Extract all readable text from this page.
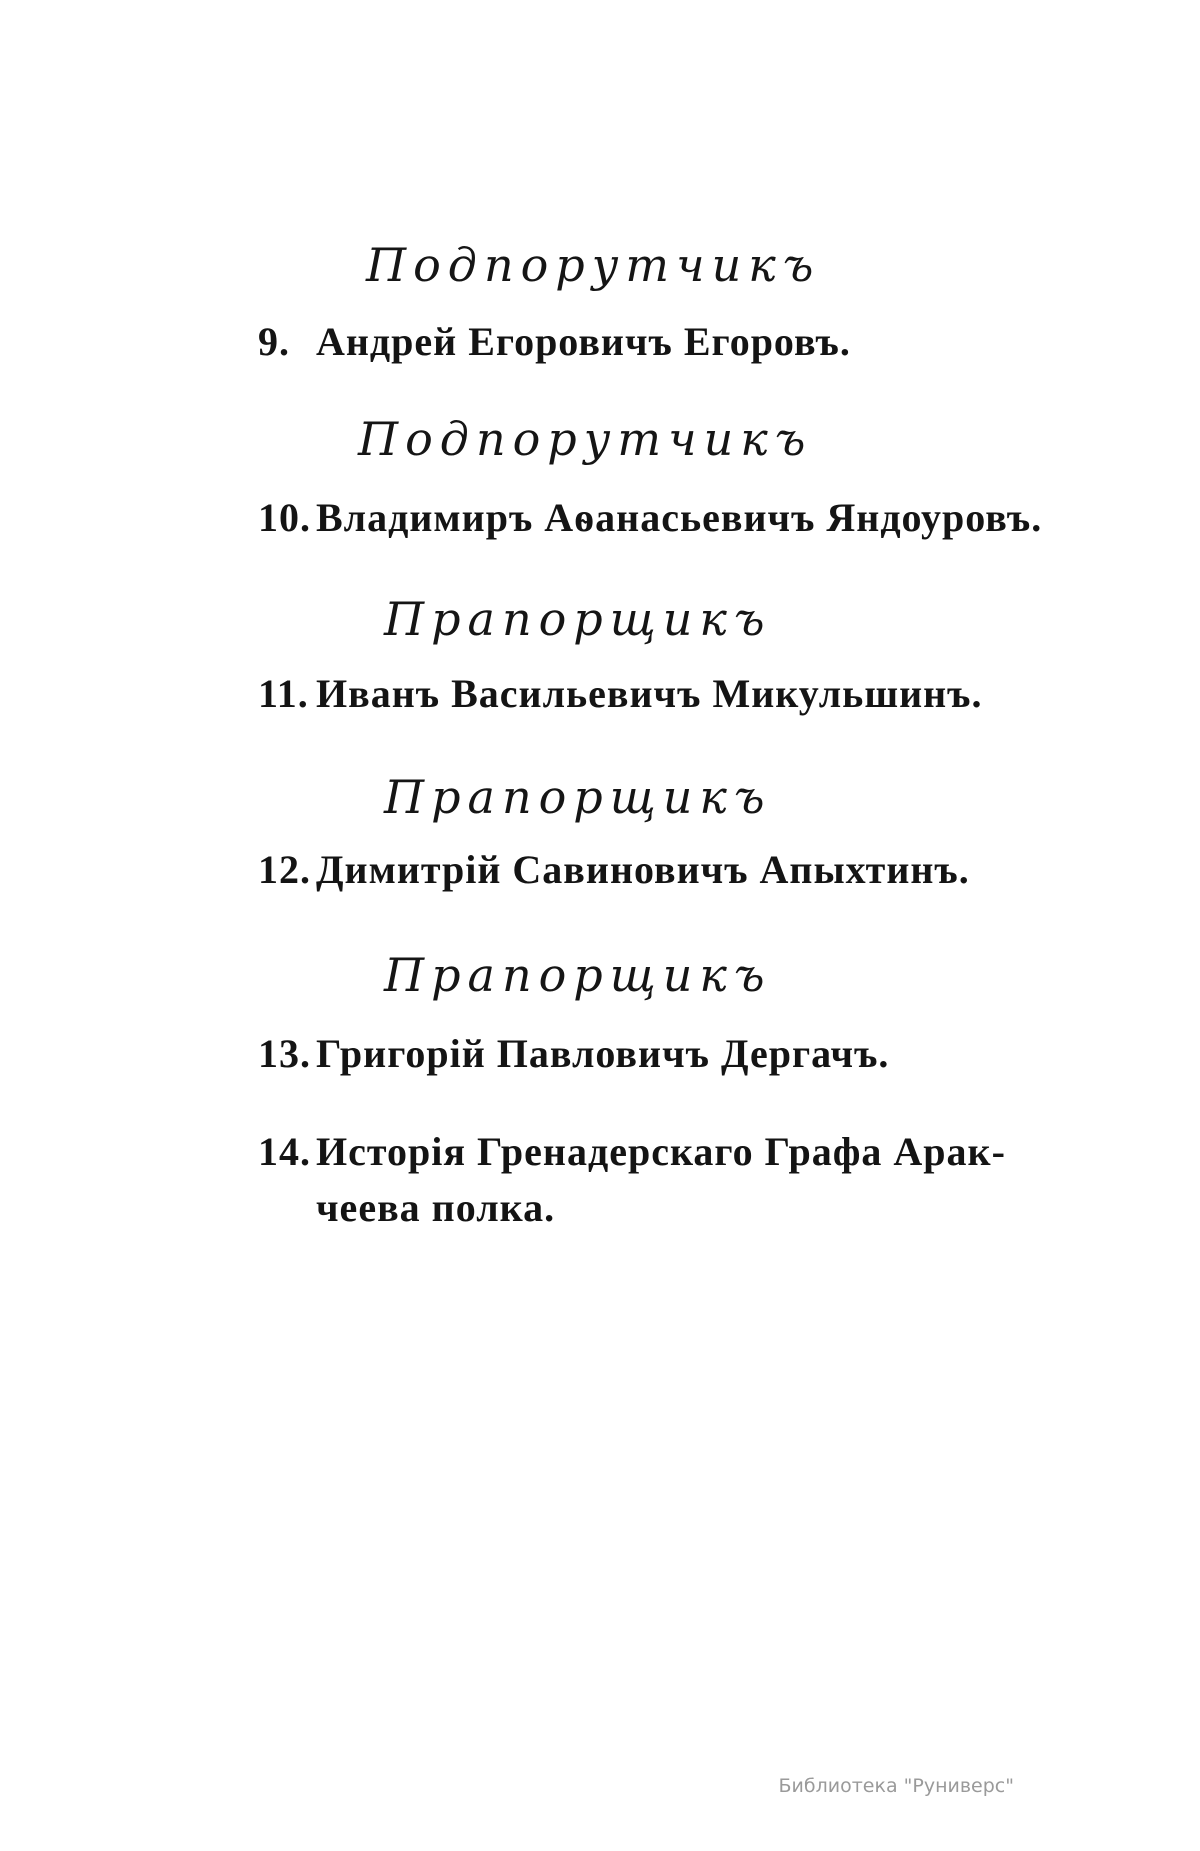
Подпорутчикъ
9. Андрей Егоровичъ Егоровъ.
Подпорутчикъ
10. Владимиръ Аѳанасьевичъ Яндоуровъ.
Прапорщикъ
11. Иванъ Васильевичъ Микульшинъ.
Прапорщикъ
12. Димитрій Савиновичъ Апыхтинъ.
Прапорщикъ
13. Григорій Павловичъ Дергачъ.
14. Исторія Гренадерскаго Графа Арак-
чеева полка.
Библиотека "Руниверс"
